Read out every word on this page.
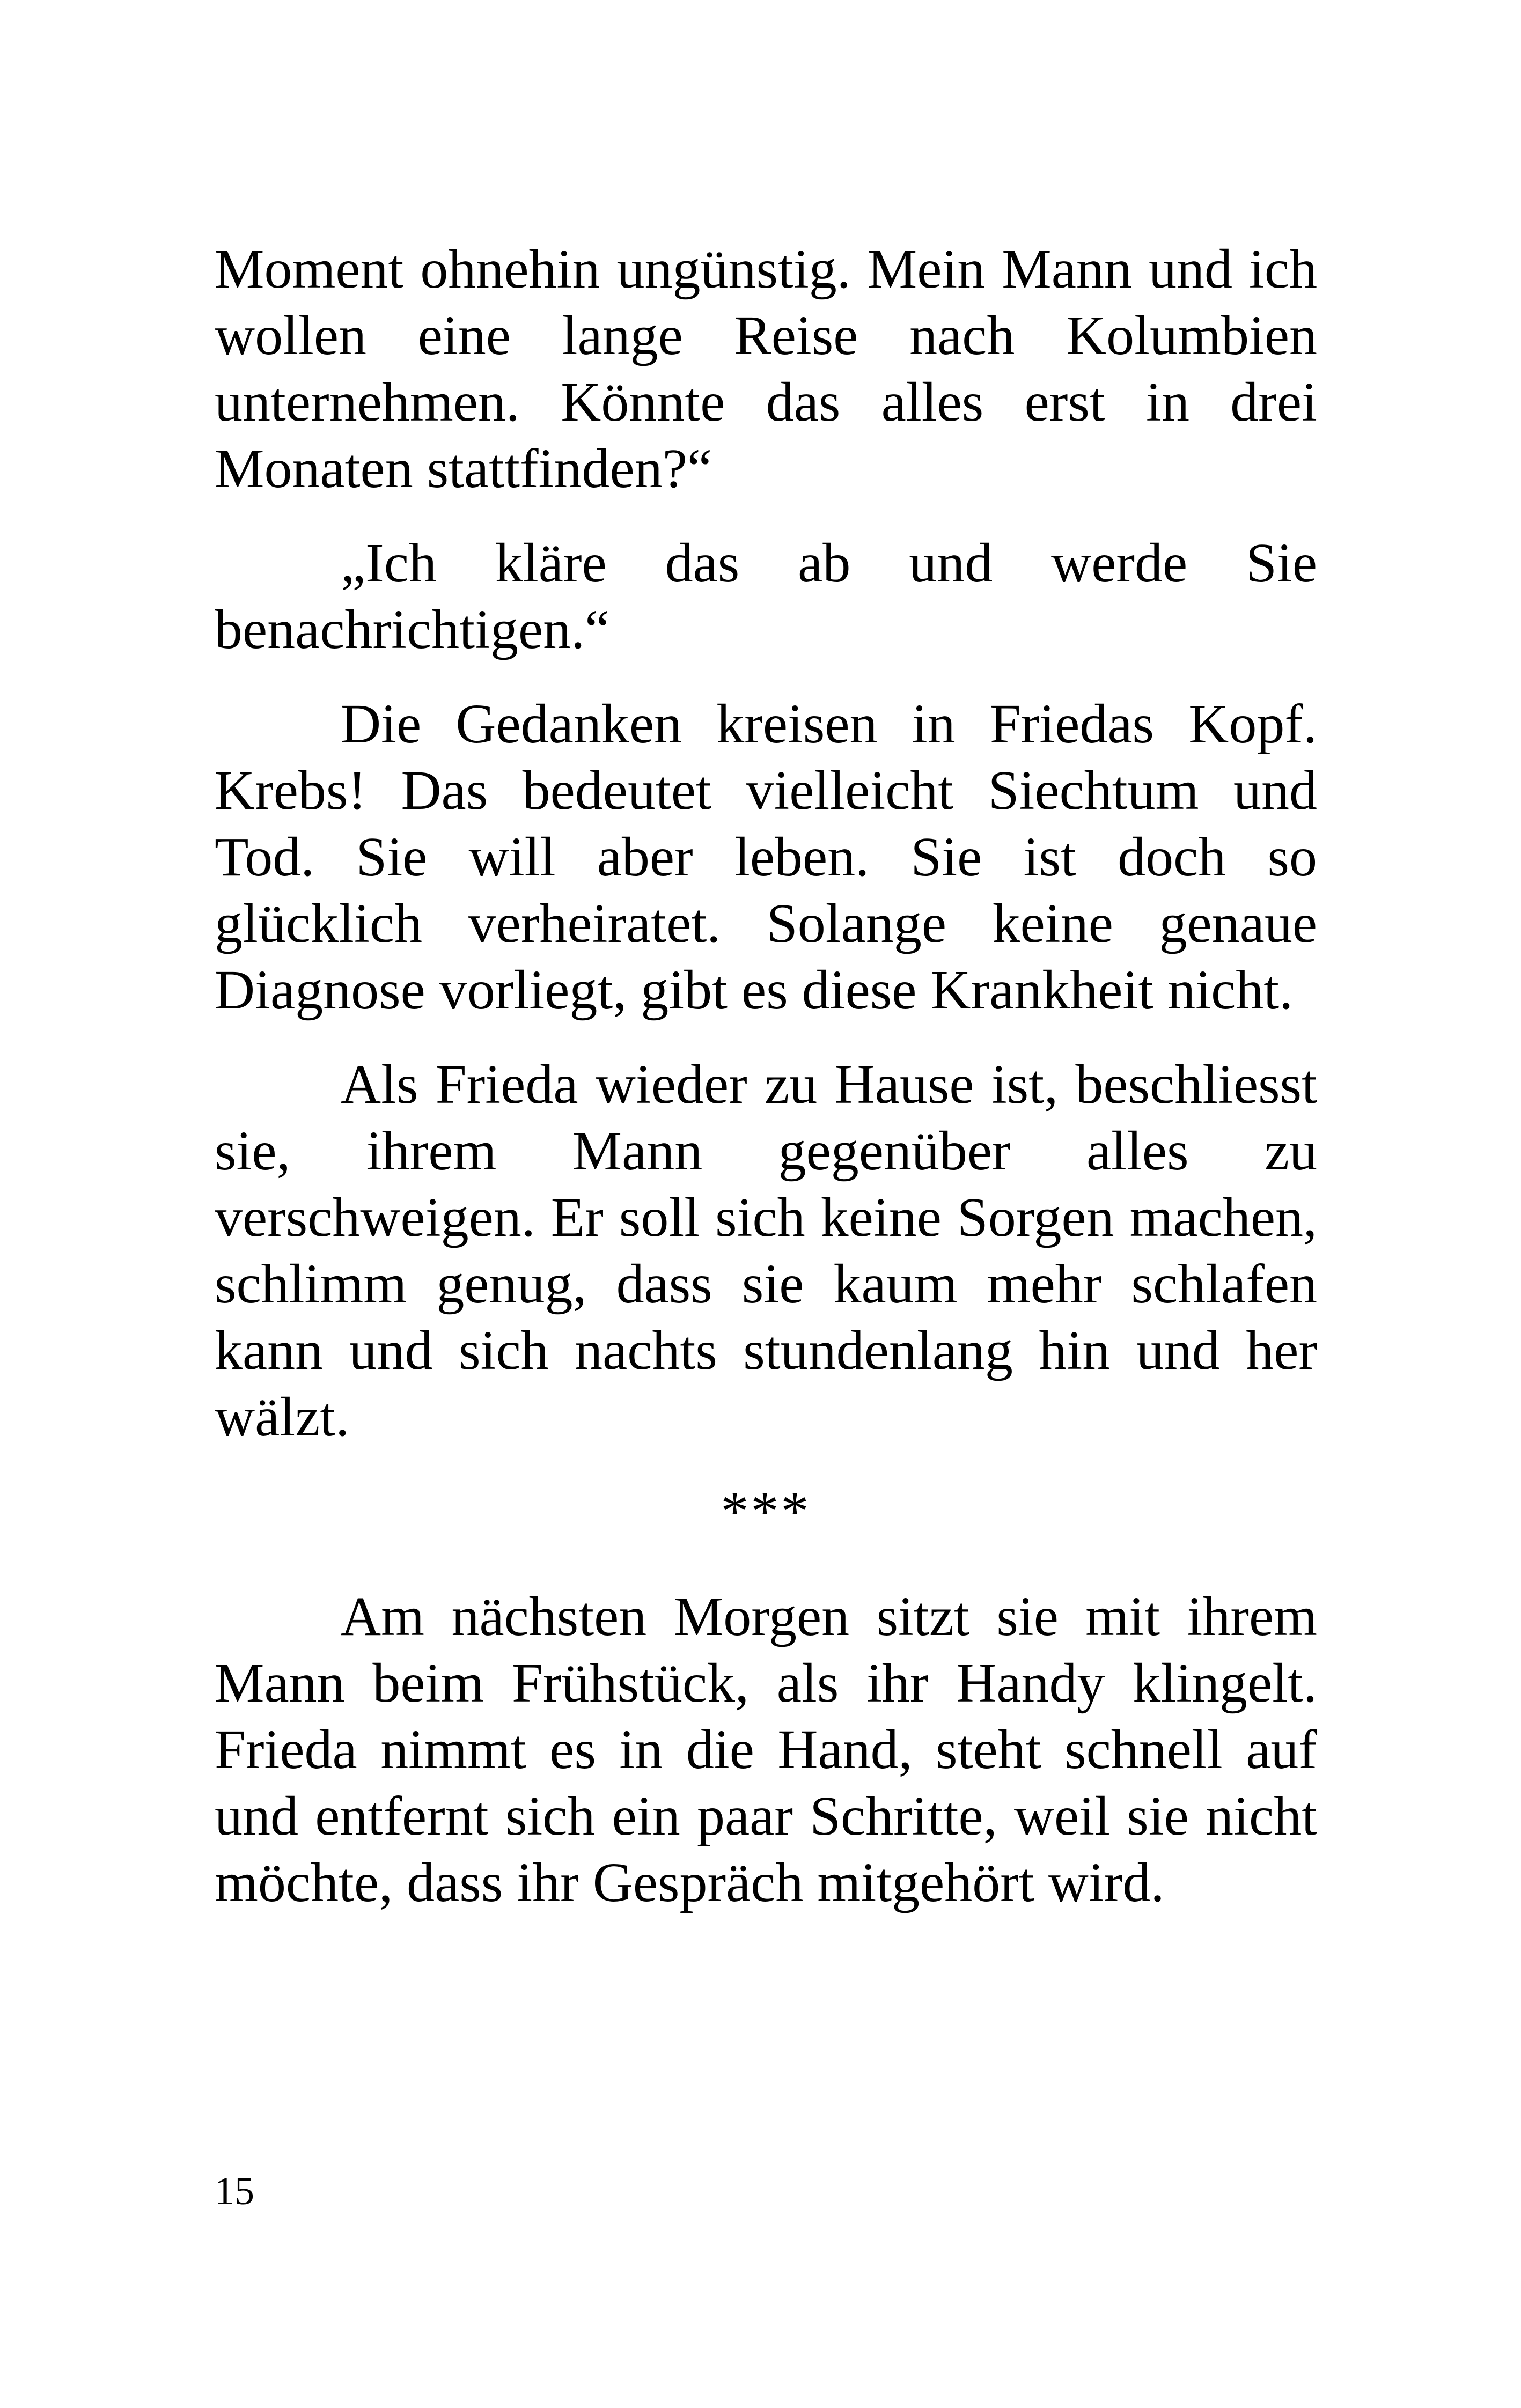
Moment ohnehin ungünstig. Mein Mann und ich wollen eine lange Reise nach Kolumbien unternehmen. Könnte das alles erst in drei Monaten stattfinden?“

„Ich kläre das ab und werde Sie benachrichtigen.“

Die Gedanken kreisen in Friedas Kopf. Krebs! Das bedeutet vielleicht Siechtum und Tod. Sie will aber leben. Sie ist doch so glücklich verheiratet. Solange keine genaue Diagnose vorliegt, gibt es diese Krankheit nicht.

Als Frieda wieder zu Hause ist, beschliesst sie, ihrem Mann gegenüber alles zu verschweigen. Er soll sich keine Sorgen machen, schlimm genug, dass sie kaum mehr schlafen kann und sich nachts stundenlang hin und her wälzt.

***

Am nächsten Morgen sitzt sie mit ihrem Mann beim Frühstück, als ihr Handy klingelt. Frieda nimmt es in die Hand, steht schnell auf und entfernt sich ein paar Schritte, weil sie nicht möchte, dass ihr Gespräch mitgehört wird.

15
